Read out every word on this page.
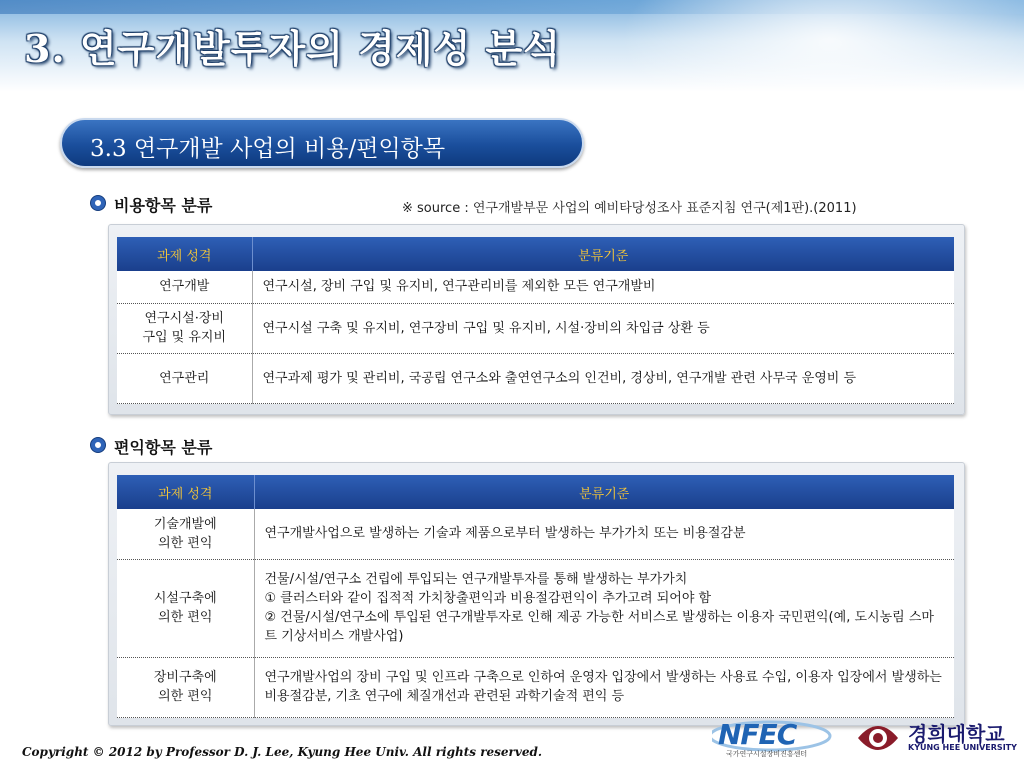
3. 연구개발투자의 경제성 분석
3.3 연구개발 사업의 비용/편익항목
비용항목 분류	※ source : 연구개발부문 사업의 예비타당성조사 표준지침 연구(제1판).(2011)
과제 성격	분류기준

연구개발	연구시설, 장비 구입 및 유지비, 연구관리비를 제외한 모든 연구개발비

연구시설·장비
구입 및 유지비	연구시설 구축 및 유지비, 연구장비 구입 및 유지비, 시설·장비의 차입금 상환 등

연구관리	연구과제 평가 및 관리비, 국공립 연구소와 출연연구소의 인건비, 경상비, 연구개발 관련 사무국 운영비 등
편익항목 분류
과제 성격	분류기준

기술개발에
의한 편익	연구개발사업으로 발생하는 기술과 제품으로부터 발생하는 부가가치 또는 비용절감분

시설구축에
의한 편익	건물/시설/연구소 건립에 투입되는 연구개발투자를 통해 발생하는 부가가치
① 클러스터와 같이 집적적 가치창출편익과 비용절감편익이 추가고려 되어야 함
② 건물/시설/연구소에 투입된 연구개발투자로 인해 제공 가능한 서비스로 발생하는 이용자 국민편익(예, 도시농림 스마트 기상서비스 개발사업)

장비구축에
의한 편익	연구개발사업의 장비 구입 및 인프라 구축으로 인하여 운영자 입장에서 발생하는 사용료 수입, 이용자 입장에서 발생하는 비용절감분, 기초 연구에 체질개선과 관련된 과학기술적 편익 등
Copyright © 2012 by Professor D. J. Lee, Kyung Hee Univ. All rights reserved.
NFEC
국가연구시설장비진흥센터
경희대학교
KYUNG HEE UNIVERSITY
